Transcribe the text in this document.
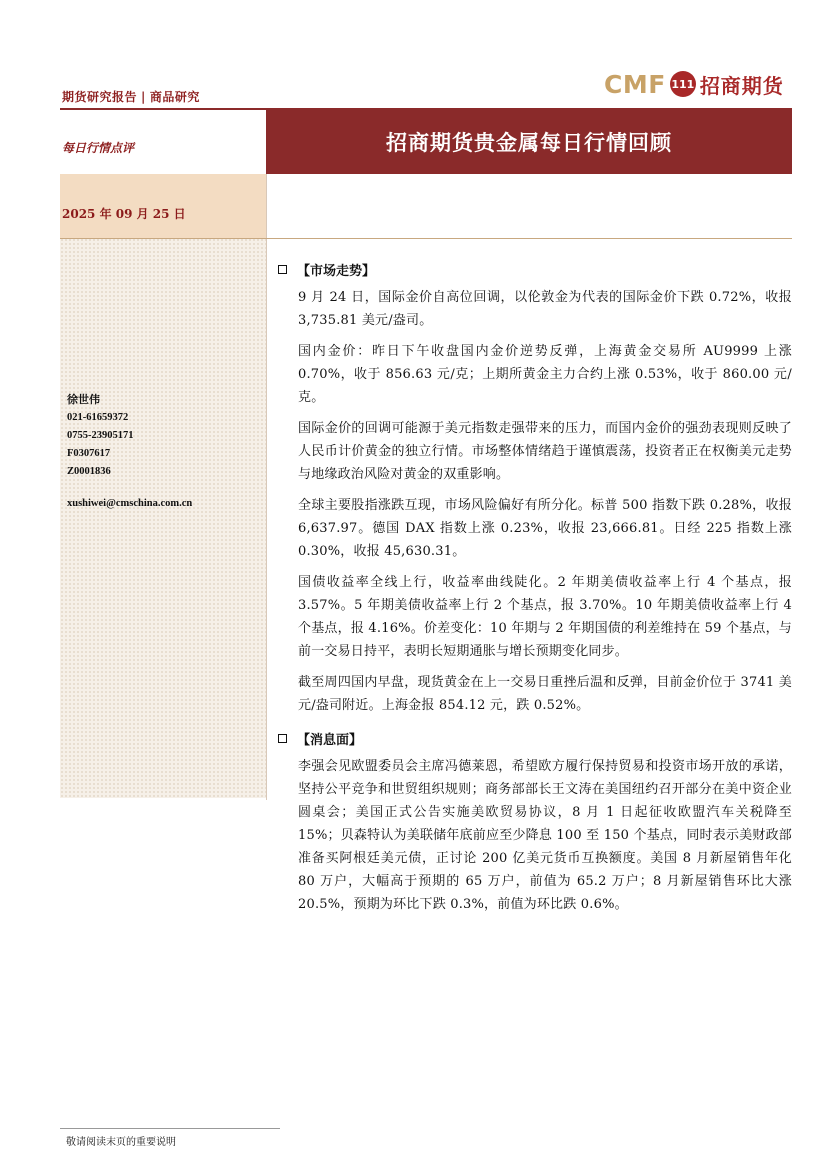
期货研究报告 | 商品研究	CMF 111 招商期货
每日行情点评
2025 年 09 月 25 日
徐世伟
021-61659372
0755-23905171
F0307617
Z0001836
xushiwei@cmschina.com.cn
招商期货贵金属每日行情回顾
【市场走势】

9 月 24 日，国际金价自高位回调，以伦敦金为代表的国际金价下跌 0.72%，收报 3,735.81 美元/盎司。

国内金价：昨日下午收盘国内金价逆势反弹，上海黄金交易所 AU9999 上涨 0.70%，收于 856.63 元/克；上期所黄金主力合约上涨 0.53%，收于 860.00 元/克。

国际金价的回调可能源于美元指数走强带来的压力，而国内金价的强劲表现则反映了人民币计价黄金的独立行情。市场整体情绪趋于谨慎震荡，投资者正在权衡美元走势与地缘政治风险对黄金的双重影响。

全球主要股指涨跌互现，市场风险偏好有所分化。标普 500 指数下跌 0.28%，收报 6,637.97。德国 DAX 指数上涨 0.23%，收报 23,666.81。日经 225 指数上涨 0.30%，收报 45,630.31。

国债收益率全线上行，收益率曲线陡化。2 年期美债收益率上行 4 个基点，报 3.57%。5 年期美债收益率上行 2 个基点，报 3.70%。10 年期美债收益率上行 4 个基点，报 4.16%。价差变化：10 年期与 2 年期国债的利差维持在 59 个基点，与前一交易日持平，表明长短期通胀与增长预期变化同步。

截至周四国内早盘，现货黄金在上一交易日重挫后温和反弹，目前金价位于 3741 美元/盎司附近。上海金报 854.12 元，跌 0.52%。

【消息面】

李强会见欧盟委员会主席冯德莱恩，希望欧方履行保持贸易和投资市场开放的承诺，坚持公平竞争和世贸组织规则；商务部部长王文涛在美国纽约召开部分在美中资企业圆桌会；美国正式公告实施美欧贸易协议，8 月 1 日起征收欧盟汽车关税降至 15%；贝森特认为美联储年底前应至少降息 100 至 150 个基点，同时表示美财政部准备买阿根廷美元债，正讨论 200 亿美元货币互换额度。美国 8 月新屋销售年化 80 万户，大幅高于预期的 65 万户，前值为 65.2 万户；8 月新屋销售环比大涨 20.5%，预期为环比下跌 0.3%，前值为环比跌 0.6%。

敬请阅读末页的重要说明
